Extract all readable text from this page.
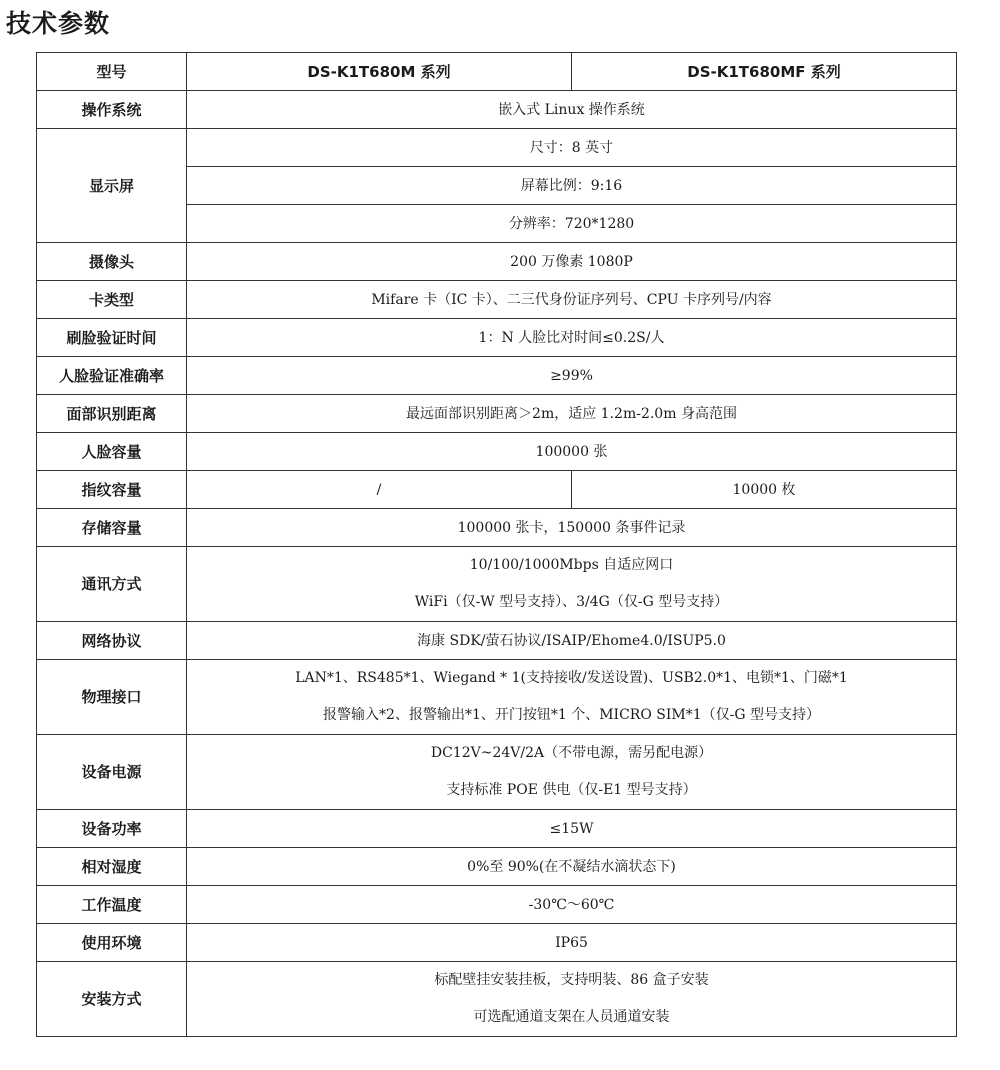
技术参数
型号	DS-K1T680M 系列	DS-K1T680MF 系列
操作系统	嵌入式 Linux 操作系统	
显示屏	尺寸：8 英寸	
	屏幕比例：9:16	
	分辨率：720*1280	
摄像头	200 万像素 1080P	
卡类型	Mifare 卡（IC 卡）、二三代身份证序列号、CPU 卡序列号/内容	
刷脸验证时间	1：N 人脸比对时间≤0.2S/人	
人脸验证准确率	≥99%	
面部识别距离	最远面部识别距离＞2m，适应 1.2m-2.0m 身高范围	
人脸容量	100000 张	
指纹容量	/	10000 枚
存储容量	100000 张卡，150000 条事件记录	
通讯方式	10/100/1000Mbps 自适应网口
WiFi（仅-W 型号支持）、3/4G（仅-G 型号支持）	

网络协议	海康 SDK/萤石协议/ISAIP/Ehome4.0/ISUP5.0	
物理接口	LAN*1、RS485*1、Wiegand * 1(支持接收/发送设置)、USB2.0*1、电锁*1、门磁*1
报警输入*2、报警输出*1、开门按钮*1 个、MICRO SIM*1（仅-G 型号支持）

设备电源	DC12V~24V/2A（不带电源，需另配电源）
支持标准 POE 供电（仅-E1 型号支持）

设备功率	≤15W
相对湿度	0%至 90%(在不凝结水滴状态下)
工作温度	-30℃～60℃
使用环境	IP65
安装方式	标配壁挂安装挂板，支持明装、86 盒子安装
可选配通道支架在人员通道安装
